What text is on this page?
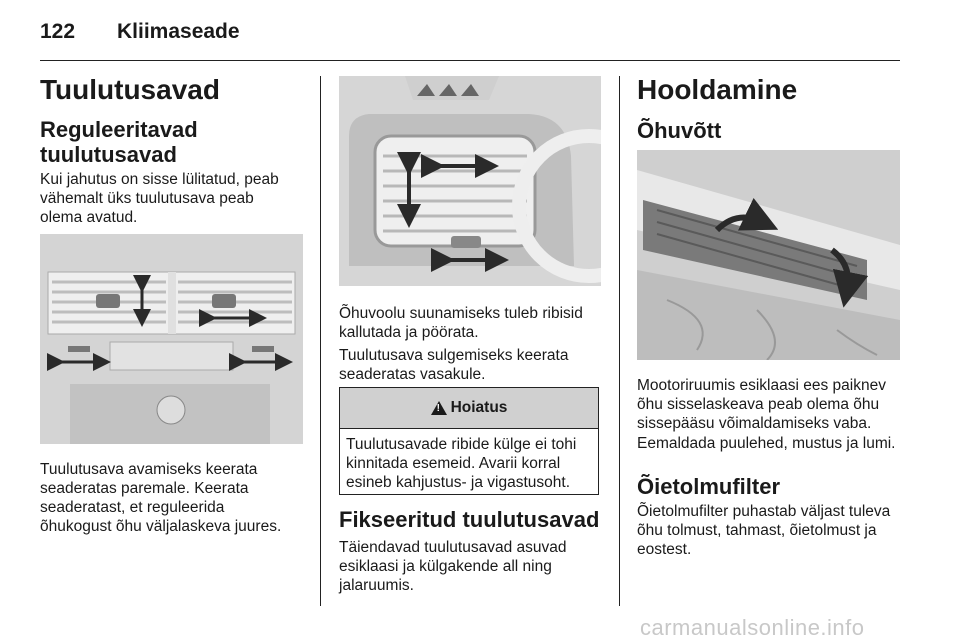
122 Kliimaseade
Tuulutusavad
Reguleeritavad
tuulutusavad
Kui jahutus on sisse lülitatud, peab
vähemalt üks tuulutusava peab
olema avatud.
Tuulutusava avamiseks keerata
seaderatas paremale. Keerata
seaderatast, et reguleerida
õhukogust õhu väljalaskeva juures.
Õhuvoolu suunamiseks tuleb ribisid
kallutada ja pöörata.
Tuulutusava sulgemiseks keerata
seaderatas vasakule.
!
Hoiatus
Tuulutusavade ribide külge ei tohi
kinnitada esemeid. Avarii korral
esineb kahjustus- ja vigastusoht.
Fikseeritud tuulutusavad
Täiendavad tuulutusavad asuvad
esiklaasi ja külgakende all ning
jalaruumis.
Hooldamine
Õhuvõtt
Mootoriruumis esiklaasi ees paiknev
õhu sisselaskeava peab olema õhu
sissepääsu võimaldamiseks vaba.
Eemaldada puulehed, mustus ja lumi.
Õietolmufilter
Õietolmufilter puhastab väljast tuleva
õhu tolmust, tahmast, õietolmust ja
eostest.
carmanualsonline.info
